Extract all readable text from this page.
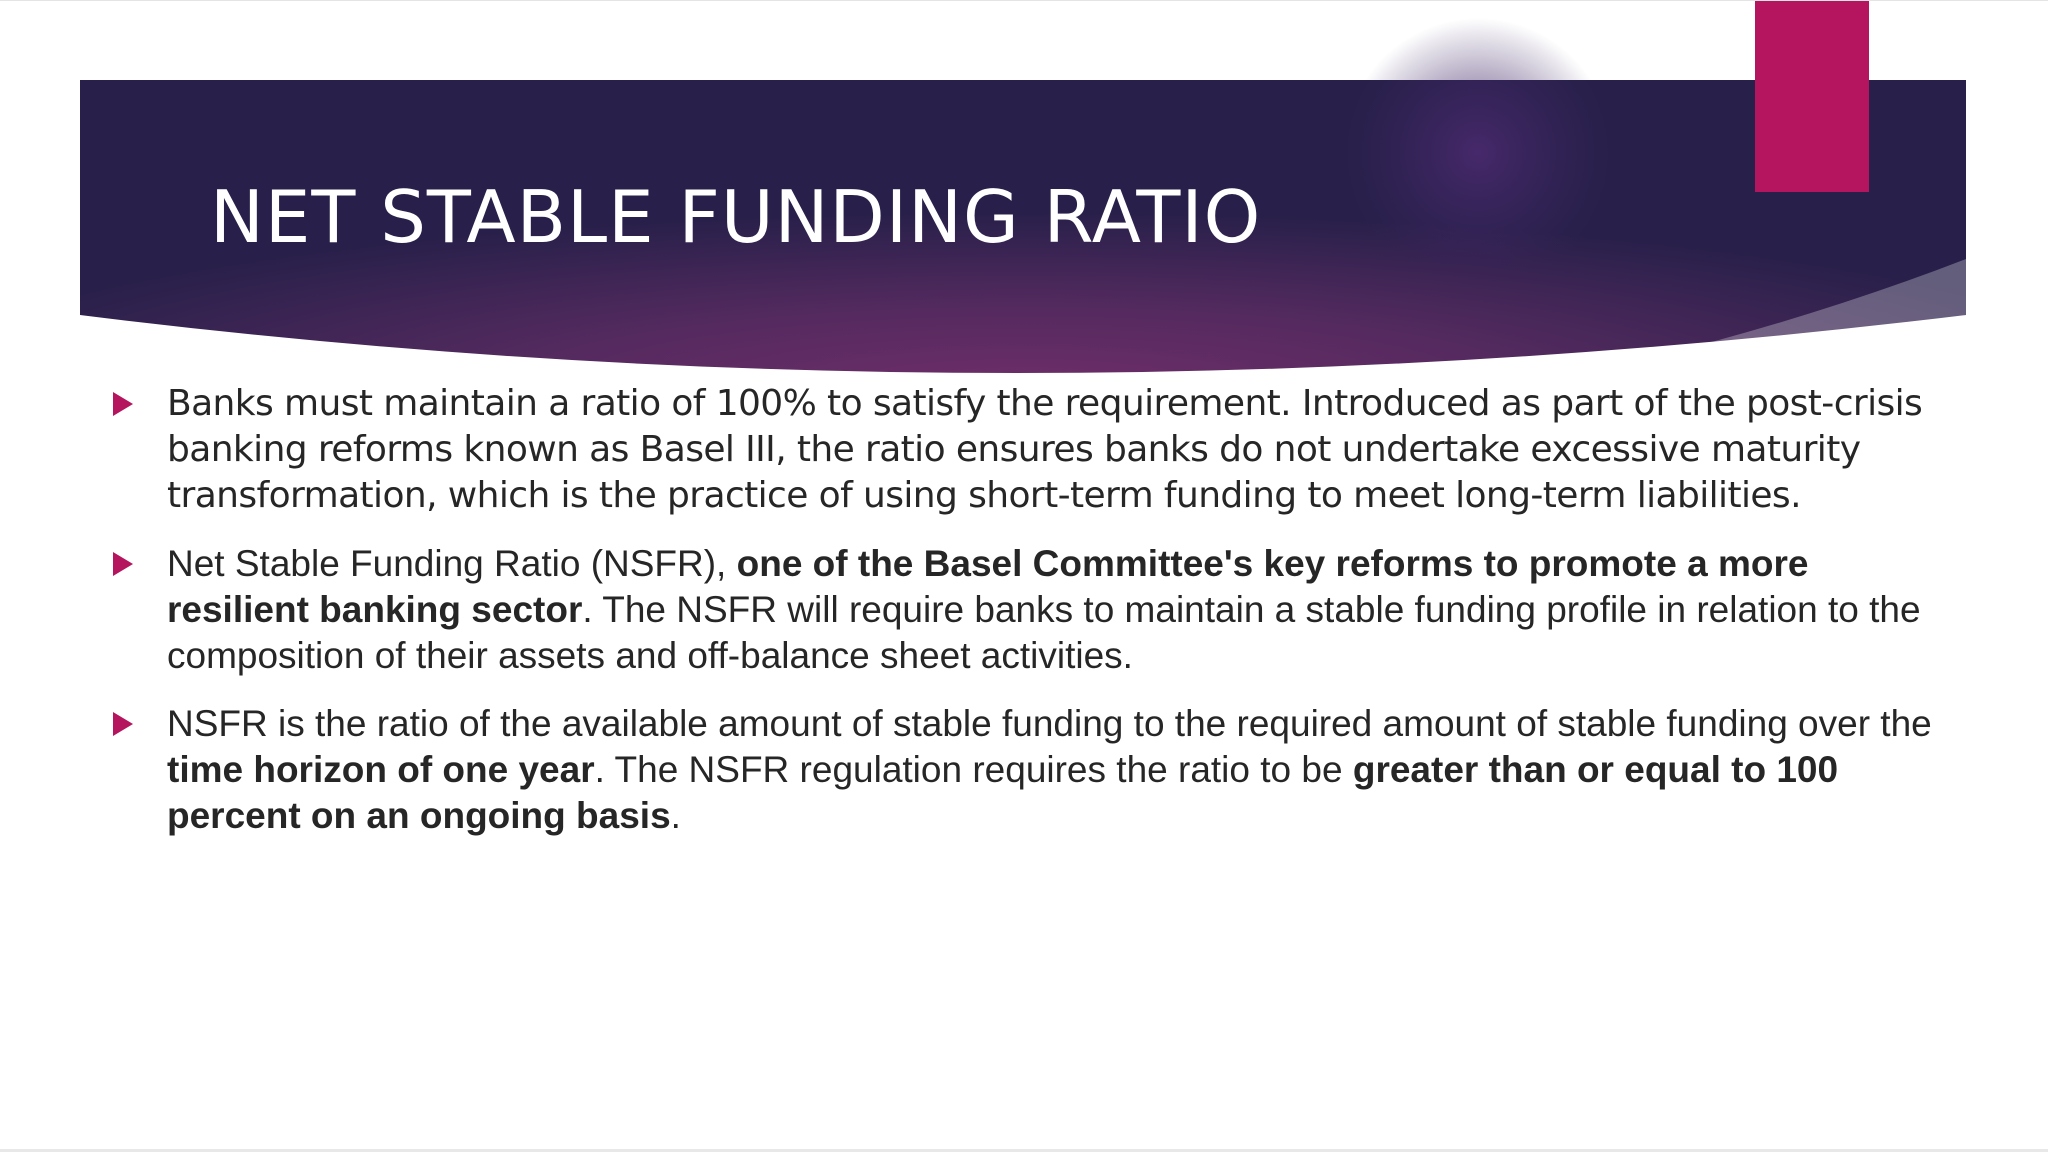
NET STABLE FUNDING RATIO
Banks must maintain a ratio of 100% to satisfy the requirement. Introduced as part of the post-crisis banking reforms known as Basel III, the ratio ensures banks do not undertake excessive maturity transformation, which is the practice of using short-term funding to meet long-term liabilities.
Net Stable Funding Ratio (NSFR), one of the Basel Committee's key reforms to promote a more resilient banking sector. The NSFR will require banks to maintain a stable funding profile in relation to the composition of their assets and off-balance sheet activities.
NSFR is the ratio of the available amount of stable funding to the required amount of stable funding over the time horizon of one year. The NSFR regulation requires the ratio to be greater than or equal to 100 percent on an ongoing basis.
